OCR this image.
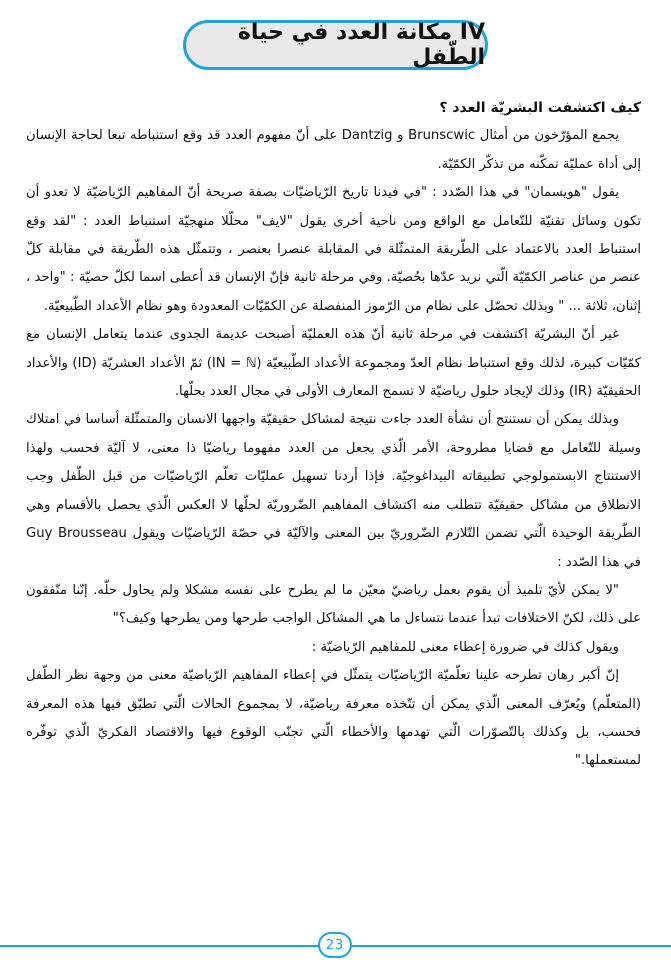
IV مكانة العدد في حياة الطّفل

كيف اكتشفت البشريّة العدد ؟

يجمع المؤرّخون من أمثال Brunscwic و Dantzig على أنّ مفهوم العدد قد وقع استنباطه تبعا لحاجة الإنسان إلى أداة عمليّة تمكّنه من تذكّر الكمّيّة.

يقول "هويسمان" في هذا الصّدد : "في فيدنا تاريخ الرّياضيّات بصفة صريحة أنّ المفاهيم الرّياضيّة لا تعدو أن تكون وسائل تقنيّة للتّعامل مع الواقع ومن ناحية أخرى يقول "لايف" محلّلا منهجيّة استنباط العدد : "لقد وقع استنباط العدد بالاعتماد على الطّريقة المتمثّلة في المقابلة عنصرا بعنصر ، وتتمثّل هذه الطّريقة في مقابلة كلّ عنصر من عناصر الكمّيّة الّتي نريد عدّها بحُصيّة. وفي مرحلة ثانية فإنّ الإنسان قد أعطى اسما لكلّ حصيّة : "واحد ، إثنان، ثلاثة ... " وبذلك تحصّل على نظام من الرّموز المنفصلة عن الكمّيّات المعدودة وهو نظام الأعداد الطّبيعيّة.

غير أنّ البشريّة اكتشفت في مرحلة ثانية أنّ هذه العمليّة أصبحت عديمة الجدوى عندما يتعامل الإنسان مع كمّيّات كبيرة، لذلك وقع استنباط نظام العدّ ومجموعة الأعداد الطّبيعيّة (IN = ℕ) ثمّ الأعداد العشريّة (ID) والأعداد الحقيقيّة (IR) وذلك لإيجاد حلول رياضيّة لا تسمح المعارف الأولى في مجال العدد بحلّها.

وبذلك يمكن أن نستنتج أن نشأة العدد جاءت نتيجة لمشاكل حقيقيّة واجهها الانسان والمتمثّلة أساسا في امتلاك وسيلة للتّعامل مع قضايا مطروحة، الأمر الّذي يجعل من العدد مفهوما رياضيّا ذا معنى، لا آليّة فحسب ولهذا الاستنتاج الابستمولوجي تطبيقاته البيداغوجيّة. فإذا أردنا تسهيل عمليّات تعلّم الرّياضيّات من قبل الطّفل وجب الانطلاق من مشاكل حقيقيّة تتطلب منه اكتشاف المفاهيم الضّروريّة لحلّها لا العكس الّذي يحصل بالأقسام وهي الطّريقة الوحيدة الّتي تضمن التّلازم الضّروريّ بين المعنى والآليّة في حصّة الرّياضيّات ويقول Guy Brousseau في هذا الصّدد :

"لا يمكن لأيّ تلميذ أن يقوم بعمل رياضيّ معيّن ما لم يطرح على نفسه مشكلا ولم يحاول حلّه. إنّنا متّفقون على ذلك، لكنّ الاختلافات تبدأ عندما نتساءل ما هي المشاكل الواجب طرحها ومن يطرحها وكيف؟"

ويقول كذلك في ضرورة إعطاء معنى للمفاهيم الرّياضيّة :

إنّ أكبر رهان تطرحه علينا تعلّميّة الرّياضيّات يتمثّل في إعطاء المفاهيم الرّياضيّة معنى من وجهة نظر الطّفل (المتعلّم) ويُعرّف المعنى الّذي يمكن أن تتّخذه معرفة رياضيّة، لا بمجموع الحالات الّتي تطبّق فيها هذه المعرفة فحسب، بل وكذلك بالتّصوّرات الّتي تهدمها والأخطاء الّتي تجنّب الوقوع فيها والاقتصاد الفكريّ الّذي توفّره لمستعملها."

23
